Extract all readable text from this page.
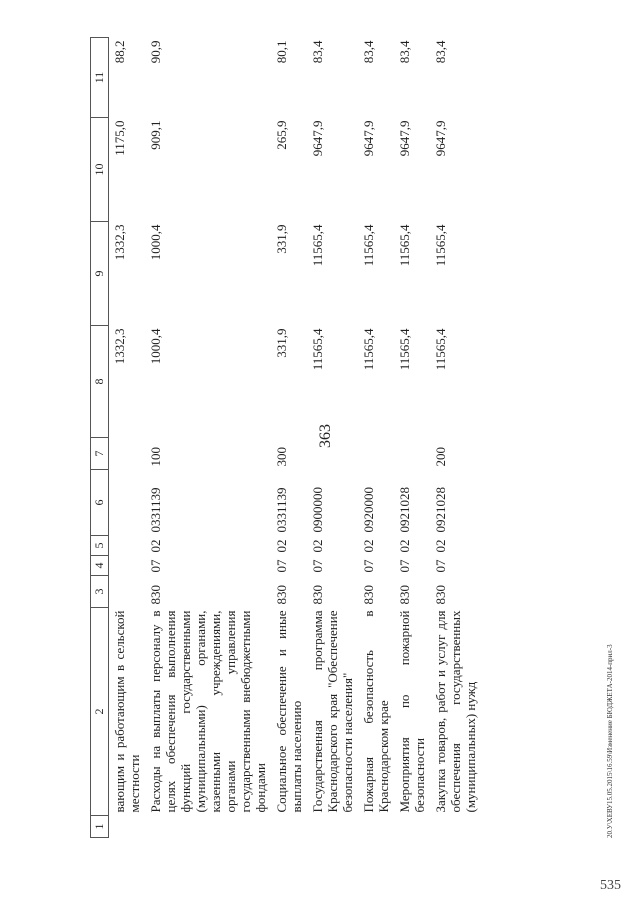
363
20.У\ХЕВУ15.05.2015\16.59\Изменение БЮДЖЕТА-2014-прил-3
535
1	2	3	4	5	6	7	8	9	10	11
	вающим и работающим в сельской местности						1332,3	1332,3	1175,0	88,2
	Расходы на выплаты персоналу в целях обеспечения выполнения функций государственными (муниципальными) органами, казенными учреждениями, органами управления государственными внебюджетными фондами	830	07	02	0331139	100	1000,4	1000,4	909,1	90,9
	Социальное обеспечение и иные выплаты населению	830	07	02	0331139	300	331,9	331,9	265,9	80,1
	Государственная программа Краснодарского края "Обеспечение безопасности населения"	830	07	02	0900000		11565,4	11565,4	9647,9	83,4
	Пожарная безопасность в Краснодарском крае	830	07	02	0920000		11565,4	11565,4	9647,9	83,4
	Мероприятия по пожарной безопасности	830	07	02	0921028		11565,4	11565,4	9647,9	83,4
	Закупка товаров, работ и услуг для обеспечения государственных (муниципальных) нужд	830	07	02	0921028	200	11565,4	11565,4	9647,9	83,4
